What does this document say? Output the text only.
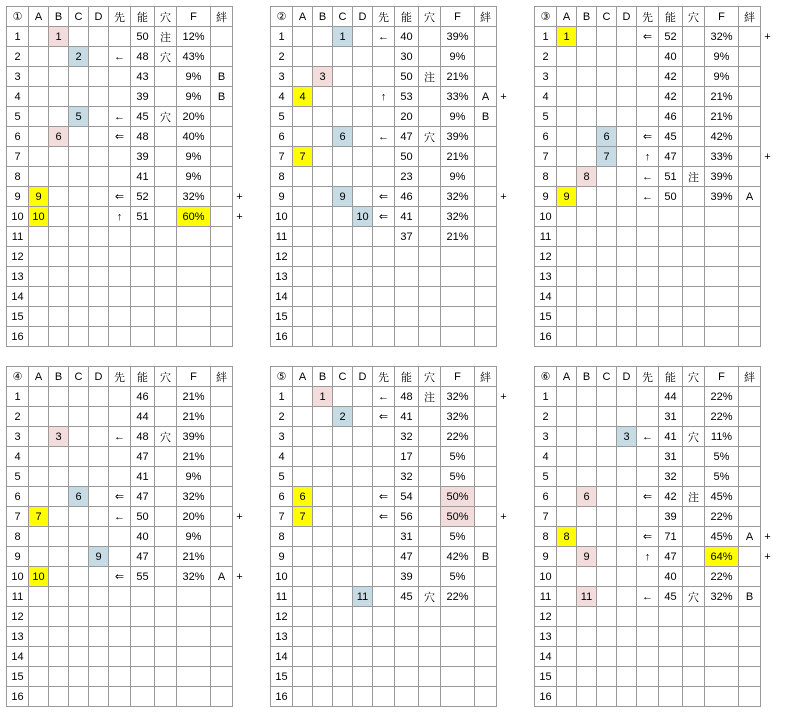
①	A	B	C	D	先	能	穴	F	絆	
1		1				50	注	12%		
2			2		←	48	穴	43%		
3						43		9%	B	
4						39		9%	B	
5			5		←	45	穴	20%		
6		6			⇐	48		40%		
7						39		9%		
8						41		9%		
9	9				⇐	52		32%		+
10	10				↑	51		60%		+
11										
12										
13										
14										
15										
16										
②	A	B	C	D	先	能	穴	F	絆	
1			1		←	40		39%		
2						30		9%		
3		3				50	注	21%		
4	4				↑	53		33%	A	+
5						20		9%	B	
6			6		←	47	穴	39%		
7	7					50		21%		
8						23		9%		
9			9		⇐	46		32%		+
10				10	⇐	41		32%		
11						37		21%		
12										
13										
14										
15										
16										
③	A	B	C	D	先	能	穴	F	絆	
1	1				⇐	52		32%		+
2						40		9%		
3						42		9%		
4						42		21%		
5						46		21%		
6			6		⇐	45		42%		
7			7		↑	47		33%		+
8		8			←	51	注	39%		
9	9				←	50		39%	A	
10										
11										
12										
13										
14										
15										
16										
④	A	B	C	D	先	能	穴	F	絆	
1						46		21%		
2						44		21%		
3		3			←	48	穴	39%		
4						47		21%		
5						41		9%		
6			6		⇐	47		32%		
7	7				←	50		20%		+
8						40		9%		
9				9		47		21%		
10	10				⇐	55		32%	A	+
11										
12										
13										
14										
15										
16										
⑤	A	B	C	D	先	能	穴	F	絆	
1		1			←	48	注	32%		+
2			2		⇐	41		32%		
3						32		22%		
4						17		5%		
5						32		5%		
6	6				⇐	54		50%		
7	7				⇐	56		50%		+
8						31		5%		
9						47		42%	B	
10						39		5%		
11				11		45	穴	22%		
12										
13										
14										
15										
16										
⑥	A	B	C	D	先	能	穴	F	絆	
1						44		22%		
2						31		22%		
3				3	←	41	穴	11%		
4						31		5%		
5						32		5%		
6		6			⇐	42	注	45%		
7						39		22%		
8	8				⇐	71		45%	A	+
9		9			↑	47		64%		+
10						40		22%		
11		11			←	45	穴	32%	B	
12										
13										
14										
15										
16										
